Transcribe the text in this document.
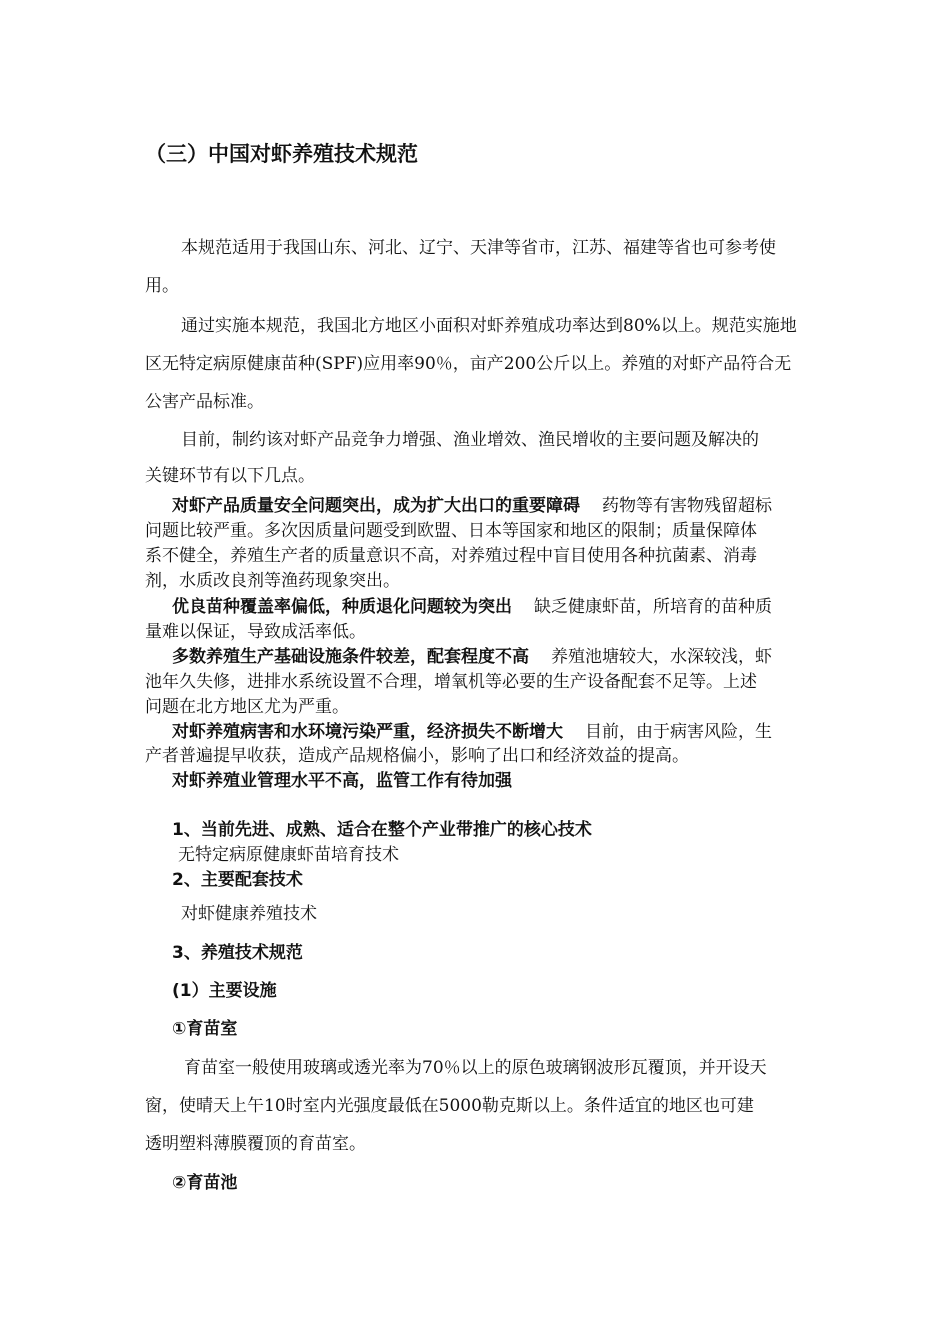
（三）中国对虾养殖技术规范
本规范适用于我国山东、河北、辽宁、天津等省市，江苏、福建等省也可参考使
用。
通过实施本规范，我国北方地区小面积对虾养殖成功率达到80%以上。规范实施地
区无特定病原健康苗种(SPF)应用率90％，亩产200公斤以上。养殖的对虾产品符合无
公害产品标准。
目前，制约该对虾产品竞争力增强、渔业增效、渔民增收的主要问题及解决的
关键环节有以下几点。
对虾产品质量安全问题突出，成为扩大出口的重要障碍 药物等有害物残留超标
问题比较严重。多次因质量问题受到欧盟、日本等国家和地区的限制；质量保障体
系不健全，养殖生产者的质量意识不高，对养殖过程中盲目使用各种抗菌素、消毒
剂，水质改良剂等渔药现象突出。
优良苗种覆盖率偏低，种质退化问题较为突出 缺乏健康虾苗，所培育的苗种质
量难以保证，导致成活率低。
多数养殖生产基础设施条件较差，配套程度不高 养殖池塘较大，水深较浅，虾
池年久失修，进排水系统设置不合理，增氧机等必要的生产设备配套不足等。上述
问题在北方地区尤为严重。
对虾养殖病害和水环境污染严重，经济损失不断增大 目前，由于病害风险，生
产者普遍提早收获，造成产品规格偏小，影响了出口和经济效益的提高。
对虾养殖业管理水平不高，监管工作有待加强
1、当前先进、成熟、适合在整个产业带推广的核心技术
无特定病原健康虾苗培育技术
2、主要配套技术
对虾健康养殖技术
3、养殖技术规范
(1）主要设施
①育苗室
育苗室一般使用玻璃或透光率为70％以上的原色玻璃钢波形瓦覆顶，并开设天
窗，使晴天上午10时室内光强度最低在5000勒克斯以上。条件适宜的地区也可建
透明塑料薄膜覆顶的育苗室。
②育苗池
